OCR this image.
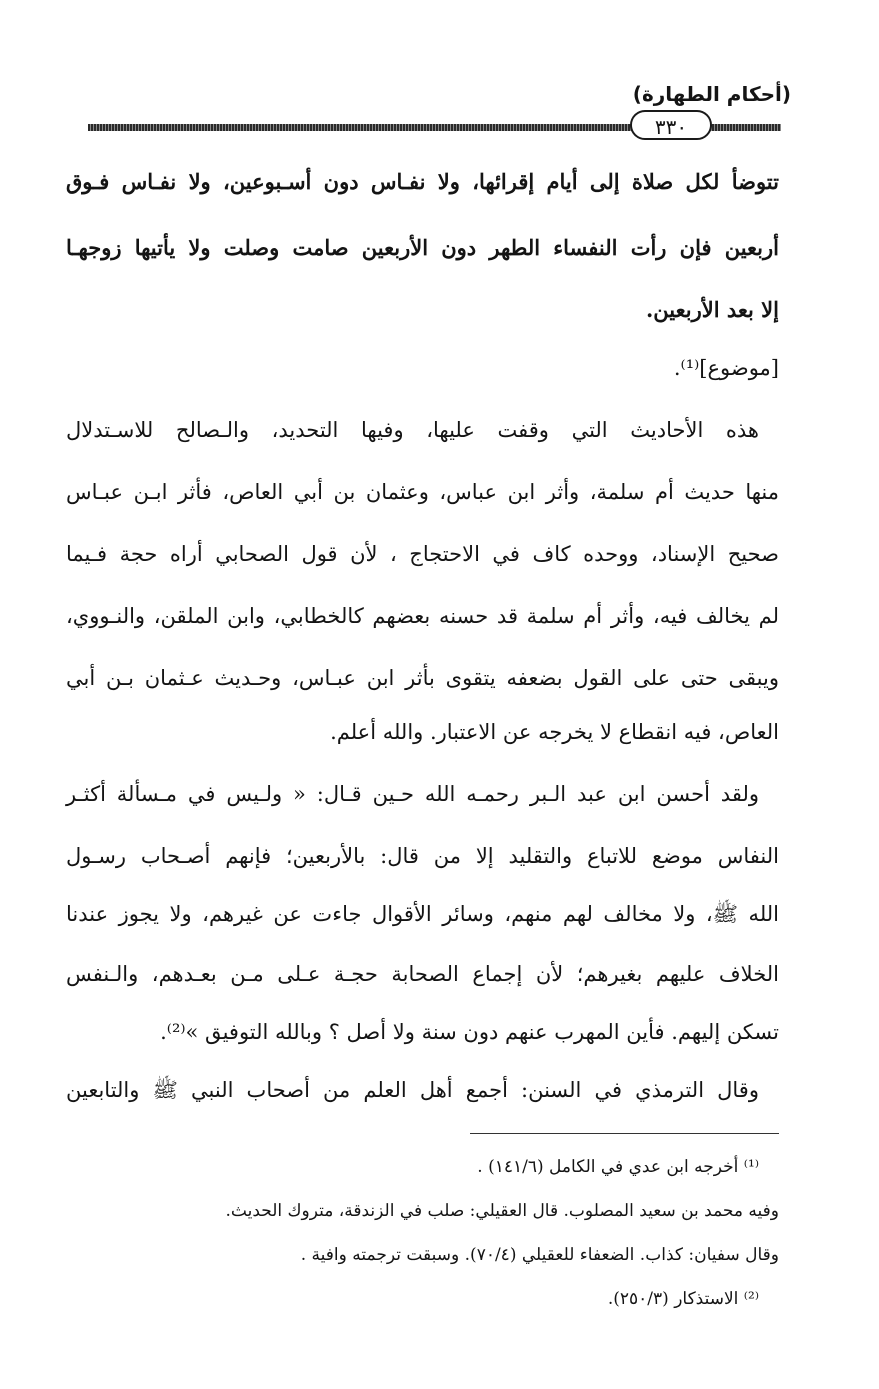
(أحكام الطهارة)
٣٣٠
تتوضأ لكل صلاة إلى أيام إقرائها، ولا نفـاس دون أسـبوعين، ولا نفـاس فـوق
أربعين فإن رأت النفساء الطهر دون الأربعين صامت وصلت ولا يأتيها زوجهـا
إلا بعد الأربعين.
[موضوع]⁽¹⁾.
هذه الأحاديث التي وقفت عليها، وفيها التحديد، والـصالح للاسـتدلال
منها حديث أم سلمة، وأثر ابن عباس، وعثمان بن أبي العاص، فأثر ابـن عبـاس
صحيح الإسناد، ووحده كاف في الاحتجاج ، لأن قول الصحابي أراه حجة فـيما
لم يخالف فيه، وأثر أم سلمة قد حسنه بعضهم كالخطابي، وابن الملقن، والنـووي،
ويبقى حتى على القول بضعفه يتقوى بأثر ابن عبـاس، وحـديث عـثمان بـن أبي
العاص، فيه انقطاع لا يخرجه عن الاعتبار. والله أعلم.
ولقد أحسن ابن عبد الـبر رحمـه الله حـين قـال: « ولـيس في مـسألة أكثـر
النفاس موضع للاتباع والتقليد إلا من قال: بالأربعين؛ فإنهم أصـحاب رسـول
الله ﷺ، ولا مخالف لهم منهم، وسائر الأقوال جاءت عن غيرهم، ولا يجوز عندنا
الخلاف عليهم بغيرهم؛ لأن إجماع الصحابة حجـة عـلى مـن بعـدهم، والـنفس
تسكن إليهم. فأين المهرب عنهم دون سنة ولا أصل ؟ وبالله التوفيق »⁽²⁾.
وقال الترمذي في السنن: أجمع أهل العلم من أصحاب النبي ﷺ والتابعين
⁽¹⁾ أخرجه ابن عدي في الكامل (١٤١/٦) .
وفيه محمد بن سعيد المصلوب. قال العقيلي: صلب في الزندقة، متروك الحديث.
وقال سفيان: كذاب. الضعفاء للعقيلي (٧٠/٤). وسبقت ترجمته وافية .
⁽²⁾ الاستذكار (٢٥٠/٣).
